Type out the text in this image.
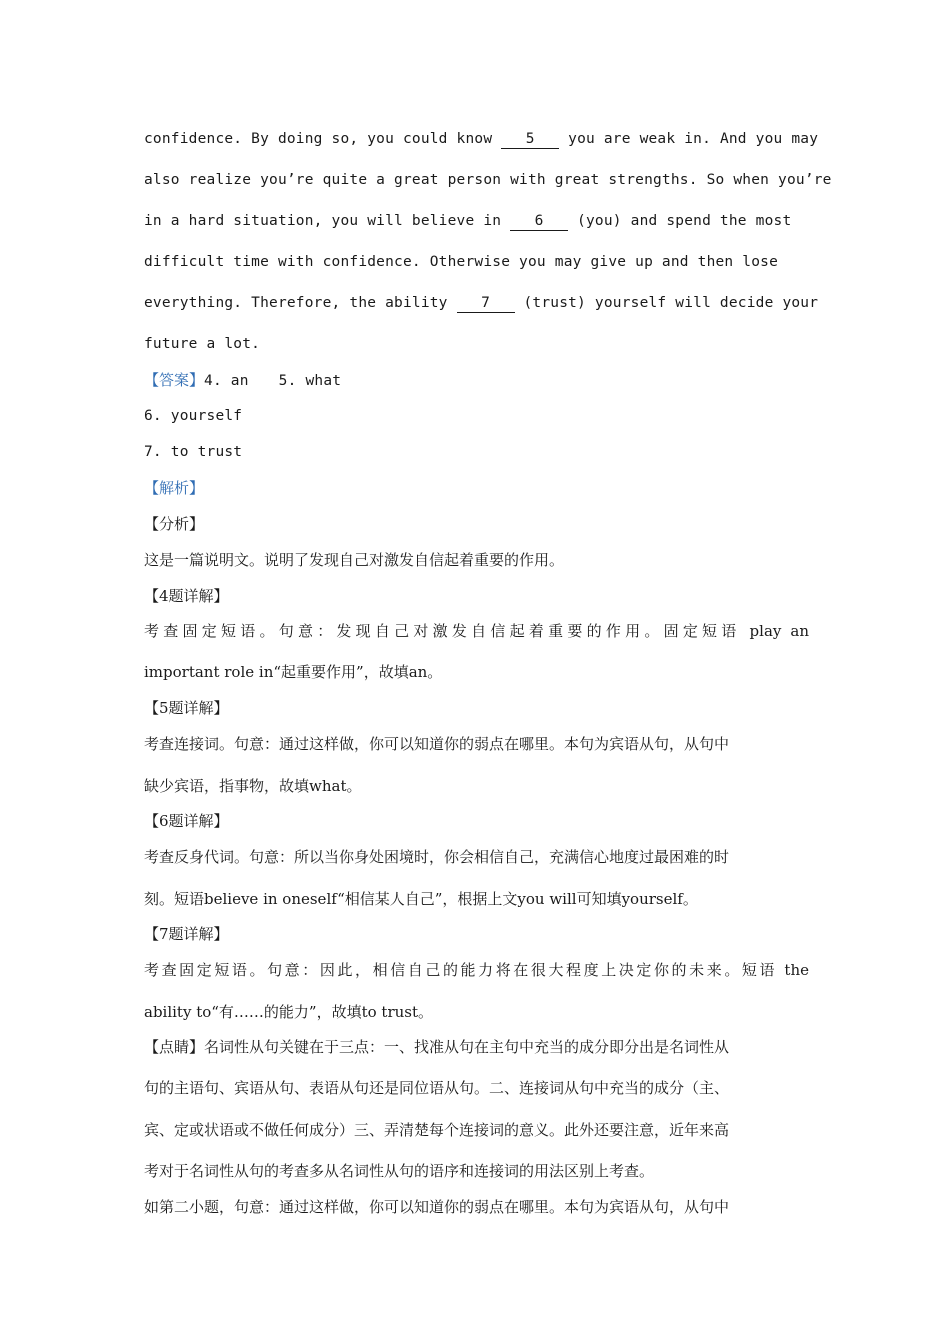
confidence. By doing so, you could know 5 you are weak in. And you may
also realize you’re quite a great person with great strengths. So when you’re
in a hard situation, you will believe in 6 (you) and spend the most
difficult time with confidence. Otherwise you may give up and then lose
everything. Therefore, the ability 7 (trust) yourself will decide your
future a lot.
【答案】4. an 5. what
6. yourself
7. to trust
【解析】
【分析】
这是一篇说明文。说明了发现自己对激发自信起着重要的作用。
【4题详解】
考查固定短语。句意：发现自己对激发自信起着重要的作用。固定短语 play an
important role in“起重要作用”，故填an。
【5题详解】
考查连接词。句意：通过这样做，你可以知道你的弱点在哪里。本句为宾语从句，从句中
缺少宾语，指事物，故填what。
【6题详解】
考查反身代词。句意：所以当你身处困境时，你会相信自己，充满信心地度过最困难的时
刻。短语believe in oneself“相信某人自己”，根据上文you will可知填yourself。
【7题详解】
考查固定短语。句意：因此，相信自己的能力将在很大程度上决定你的未来。短语 the
ability to“有……的能力”，故填to trust。
【点睛】名词性从句关键在于三点：一、找准从句在主句中充当的成分即分出是名词性从
句的主语句、宾语从句、表语从句还是同位语从句。二、连接词从句中充当的成分（主、
宾、定或状语或不做任何成分）三、弄清楚每个连接词的意义。此外还要注意，近年来高
考对于名词性从句的考查多从名词性从句的语序和连接词的用法区别上考查。
如第二小题，句意：通过这样做，你可以知道你的弱点在哪里。本句为宾语从句，从句中
